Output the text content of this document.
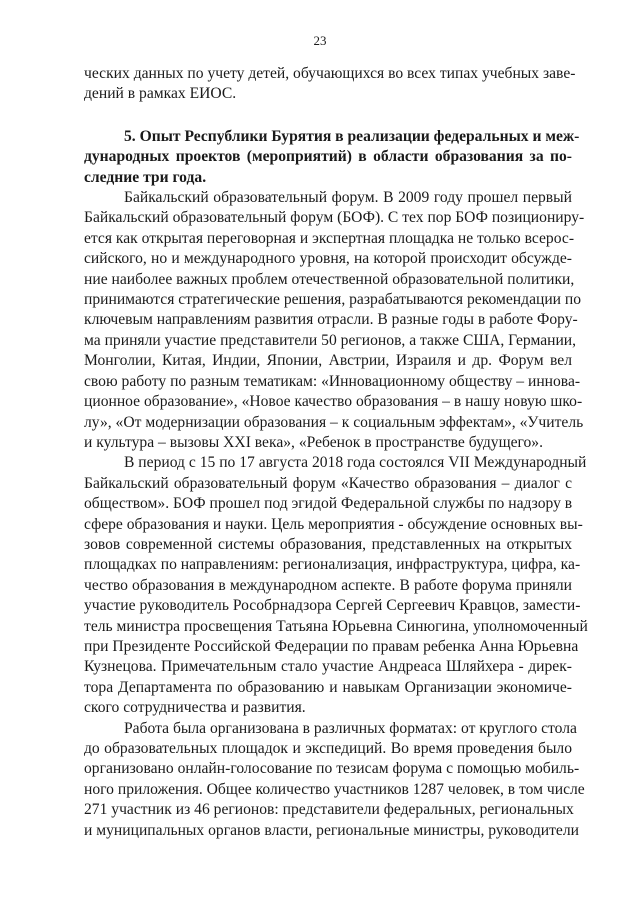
23
ческих данных по учету детей, обучающихся во всех типах учебных заве-
дений в рамках ЕИОС.
5. Опыт Республики Бурятия в реализации федеральных и меж-
дународных проектов (мероприятий) в области образования за по-
следние три года.
Байкальский образовательный форум. В 2009 году прошел первый
Байкальский образовательный форум (БОФ). С тех пор БОФ позициониру-
ется как открытая переговорная и экспертная площадка не только всерос-
сийского, но и международного уровня, на которой происходит обсужде-
ние наиболее важных проблем отечественной образовательной политики,
принимаются стратегические решения, разрабатываются рекомендации по
ключевым направлениям развития отрасли. В разные годы в работе Фору-
ма приняли участие представители 50 регионов, а также США, Германии,
Монголии, Китая, Индии, Японии, Австрии, Израиля и др. Форум вел
свою работу по разным тематикам: «Инновационному обществу – иннова-
ционное образование», «Новое качество образования – в нашу новую шко-
лу», «От модернизации образования – к социальным эффектам», «Учитель
и культура – вызовы XXI века», «Ребенок в пространстве будущего».
В период с 15 по 17 августа 2018 года состоялся VII Международный
Байкальский образовательный форум «Качество образования – диалог с
обществом». БОФ прошел под эгидой Федеральной службы по надзору в
сфере образования и науки. Цель мероприятия - обсуждение основных вы-
зовов современной системы образования, представленных на открытых
площадках по направлениям: регионализация, инфраструктура, цифра, ка-
чество образования в международном аспекте. В работе форума приняли
участие руководитель Рособрнадзора Сергей Сергеевич Кравцов, замести-
тель министра просвещения Татьяна Юрьевна Синюгина, уполномоченный
при Президенте Российской Федерации по правам ребенка Анна Юрьевна
Кузнецова. Примечательным стало участие Андреаса Шляйхера - дирек-
тора Департамента по образованию и навыкам Организации экономиче-
ского сотрудничества и развития.
Работа была организована в различных форматах: от круглого стола
до образовательных площадок и экспедиций. Во время проведения было
организовано онлайн-голосование по тезисам форума с помощью мобиль-
ного приложения. Общее количество участников 1287 человек, в том числе
271 участник из 46 регионов: представители федеральных, региональных
и муниципальных органов власти, региональные министры, руководители
